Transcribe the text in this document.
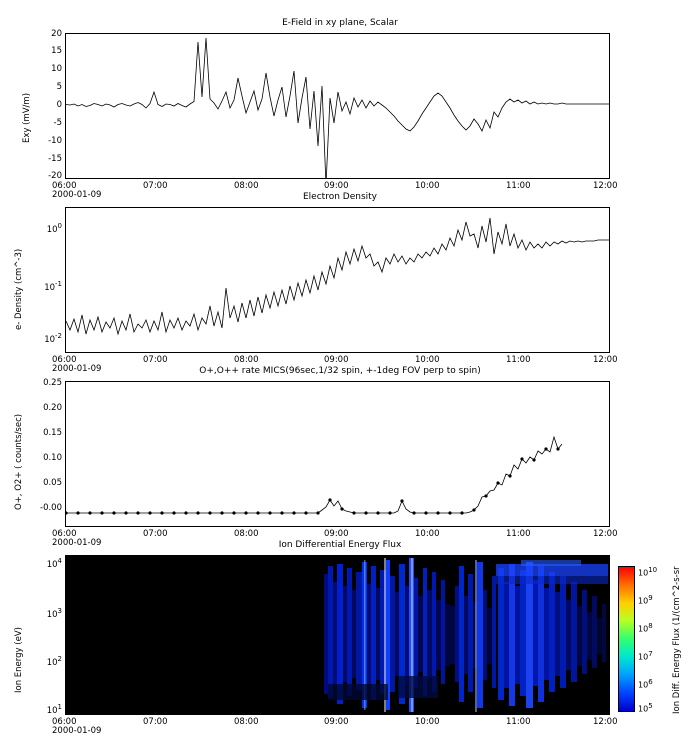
E-Field in xy plane, Scalar
20
15
10
5
0
-5
-10
-15
-20
Exy (mV/m)
06:00	07:00	08:00	09:00	10:00	11:00	12:00
2000-01-09	Electron Density
$10^0$
$10^{-1}$
$10^{-2}$
e- Density (cm^-3)
06:00	07:00	08:00	09:00	10:00	11:00	12:00
2000-01-09	O+,O++ rate MICS(96sec,1/32 spin, +-1deg FOV perp to spin)
0.25
0.20
0.15
0.10
0.05
-0.00
O+, O2+ ( counts/sec)
06:00	07:00	08:00	09:00	10:00	11:00	12:00
2000-01-09	Ion Differential Energy Flux
$10^4$
$10^3$
$10^2$
$10^1$
Ion Energy (eV)
06:00	07:00	08:00	09:00	10:00	11:00	12:00
2000-01-09
1010
109
108
107
106
105 Ion Diff. Energy Flux (1/(cm^2-s-sr
